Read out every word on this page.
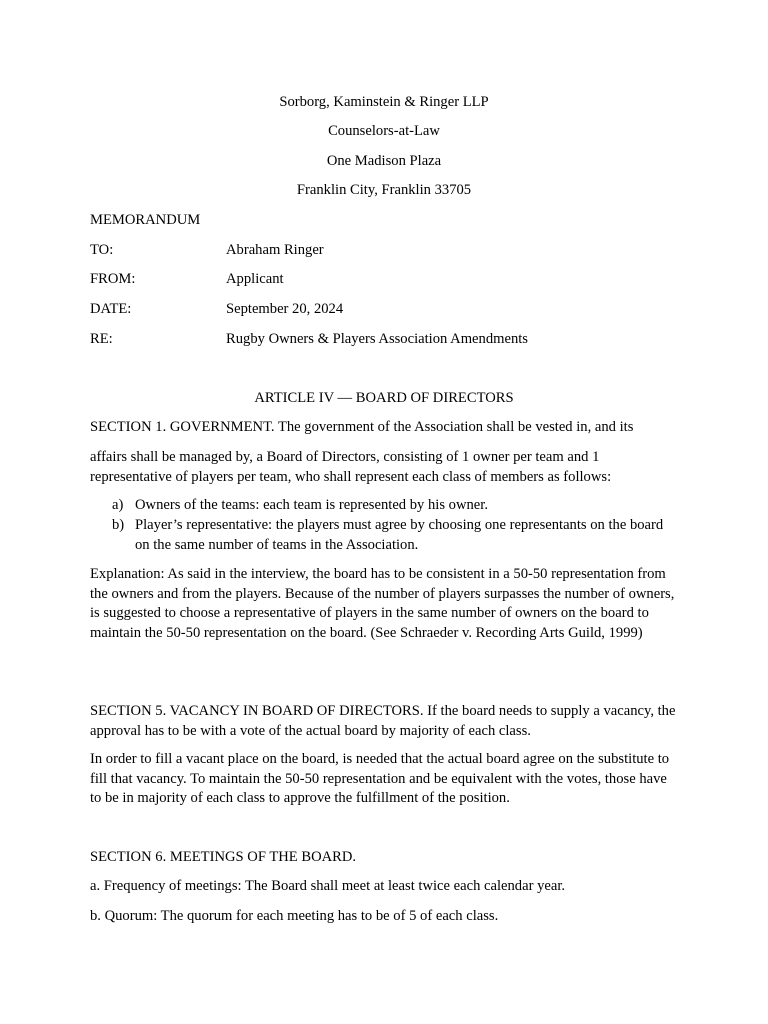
Sorborg, Kaminstein & Ringer LLP
Counselors-at-Law
One Madison Plaza
Franklin City, Franklin 33705
MEMORANDUM
TO:	Abraham Ringer
FROM:	Applicant
DATE:	September 20, 2024
RE:	Rugby Owners & Players Association Amendments
ARTICLE IV — BOARD OF DIRECTORS
SECTION 1. GOVERNMENT. The government of the Association shall be vested in, and its
affairs shall be managed by, a Board of Directors, consisting of 1 owner per team and 1 representative of players per team, who shall represent each class of members as follows:
a) Owners of the teams: each team is represented by his owner.
b) Player’s representative: the players must agree by choosing one representants on the board on the same number of teams in the Association.
Explanation: As said in the interview, the board has to be consistent in a 50-50 representation from the owners and from the players. Because of the number of players surpasses the number of owners, is suggested to choose a representative of players in the same number of owners on the board to maintain the 50-50 representation on the board. (See Schraeder v. Recording Arts Guild, 1999)
SECTION 5. VACANCY IN BOARD OF DIRECTORS. If the board needs to supply a vacancy, the approval has to be with a vote of the actual board by majority of each class.
In order to fill a vacant place on the board, is needed that the actual board agree on the substitute to fill that vacancy. To maintain the 50-50 representation and be equivalent with the votes, those have to be in majority of each class to approve the fulfillment of the position.
SECTION 6. MEETINGS OF THE BOARD.
a. Frequency of meetings: The Board shall meet at least twice each calendar year.
b. Quorum: The quorum for each meeting has to be of 5 of each class.
